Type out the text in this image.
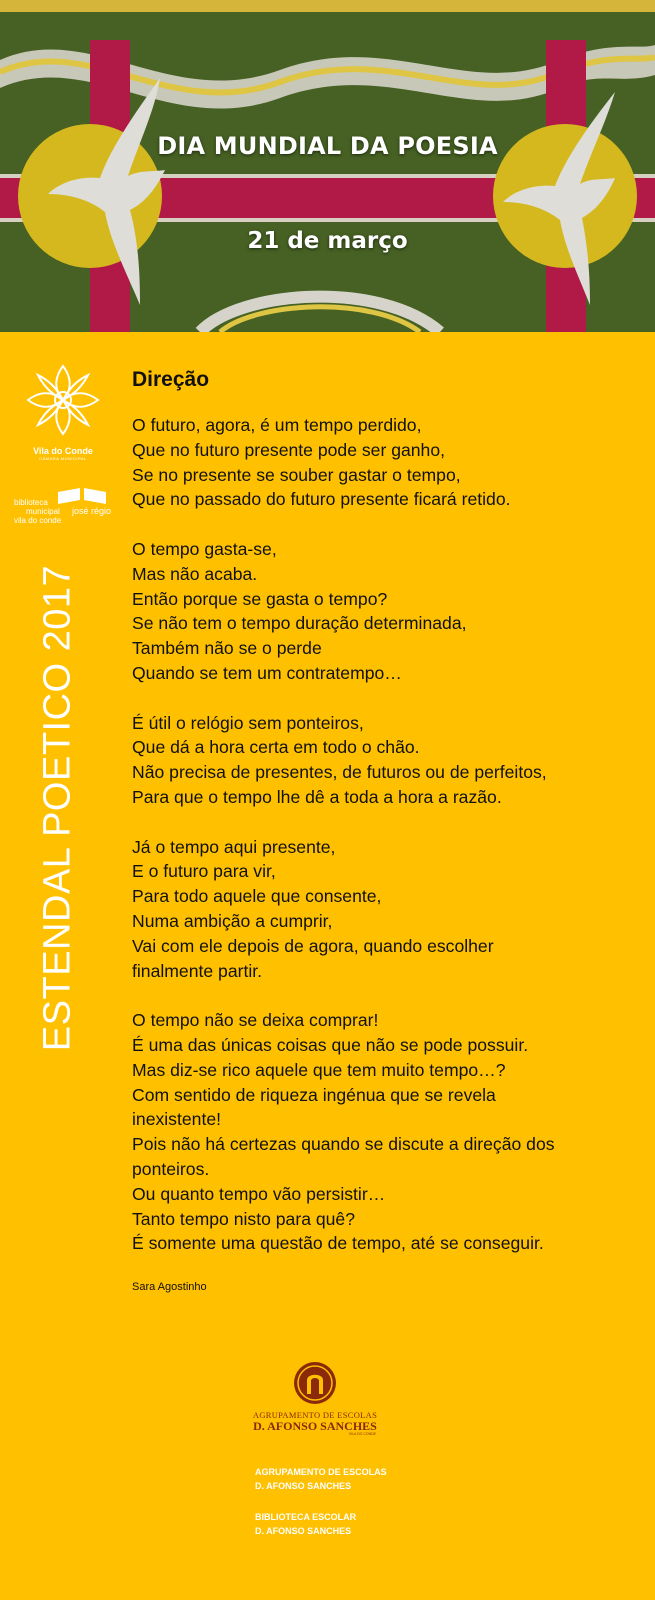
DIA MUNDIAL DA POESIA
21 de março
Vila do Conde
CÂMARA MUNICIPAL
biblioteca
municipal josé régio
vila do conde
ESTENDAL POETICO 2017
Direção
O futuro, agora, é um tempo perdido,
Que no futuro presente pode ser ganho,
Se no presente se souber gastar o tempo,
Que no passado do futuro presente ficará retido.
O tempo gasta-se,
Mas não acaba.
Então porque se gasta o tempo?
Se não tem o tempo duração determinada,
Também não se o perde
Quando se tem um contratempo…
É útil o relógio sem ponteiros,
Que dá a hora certa em todo o chão.
Não precisa de presentes, de futuros ou de perfeitos,
Para que o tempo lhe dê a toda a hora a razão.
Já o tempo aqui presente,
E o futuro para vir,
Para todo aquele que consente,
Numa ambição a cumprir,
Vai com ele depois de agora, quando escolher
finalmente partir.
O tempo não se deixa comprar!
É uma das únicas coisas que não se pode possuir.
Mas diz-se rico aquele que tem muito tempo…?
Com sentido de riqueza ingénua que se revela
inexistente!
Pois não há certezas quando se discute a direção dos
ponteiros.
Ou quanto tempo vão persistir…
Tanto tempo nisto para quê?
É somente uma questão de tempo, até se conseguir.
Sara Agostinho
AGRUPAMENTO DE ESCOLAS
D. AFONSO SANCHES
VILA DO CONDE
AGRUPAMENTO DE ESCOLAS
D. AFONSO SANCHES
BIBLIOTECA ESCOLAR
D. AFONSO SANCHES
